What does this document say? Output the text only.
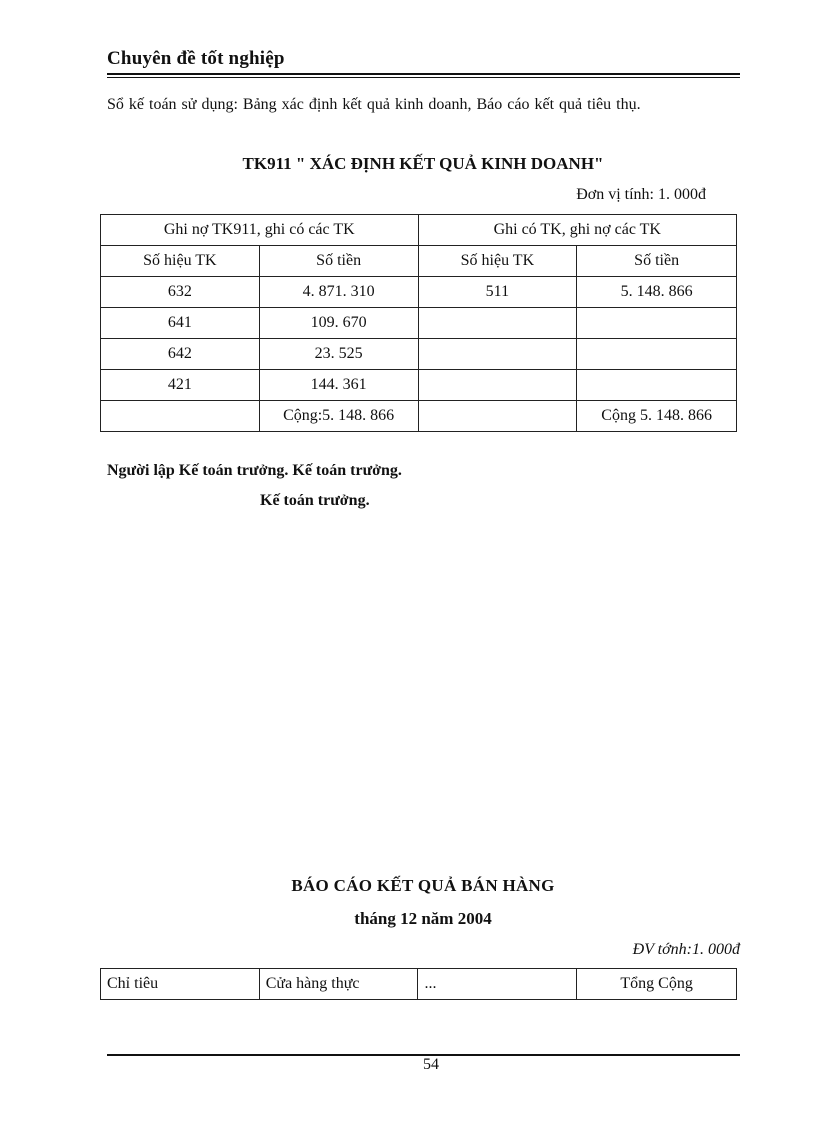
Chuyên đề tốt nghiệp
Sổ kế toán sử dụng: Bảng xác định kết quả kinh doanh, Báo cáo kết quả tiêu thụ.
TK911 " XÁC ĐỊNH KẾT QUẢ KINH DOANH"
Đơn vị tính: 1. 000đ
Ghi nợ TK911, ghi có các TK		Ghi có TK, ghi nợ các TK	
Số hiệu TK	Số tiền	Số hiệu TK	Số tiền
632	4. 871. 310	511	5. 148. 866
641	109. 670		
642	23. 525		
421	144. 361		
	Cộng:5. 148. 866		Cộng 5. 148. 866
Người lập Kế toán trưởng. Kế toán trưởng.
Kế toán trưởng.
BÁO CÁO KẾT QUẢ BÁN HÀNG
tháng 12 năm 2004
ĐV tớnh:1. 000đ
Chỉ tiêu	Cửa hàng thực	...	Tổng Cộng
54
